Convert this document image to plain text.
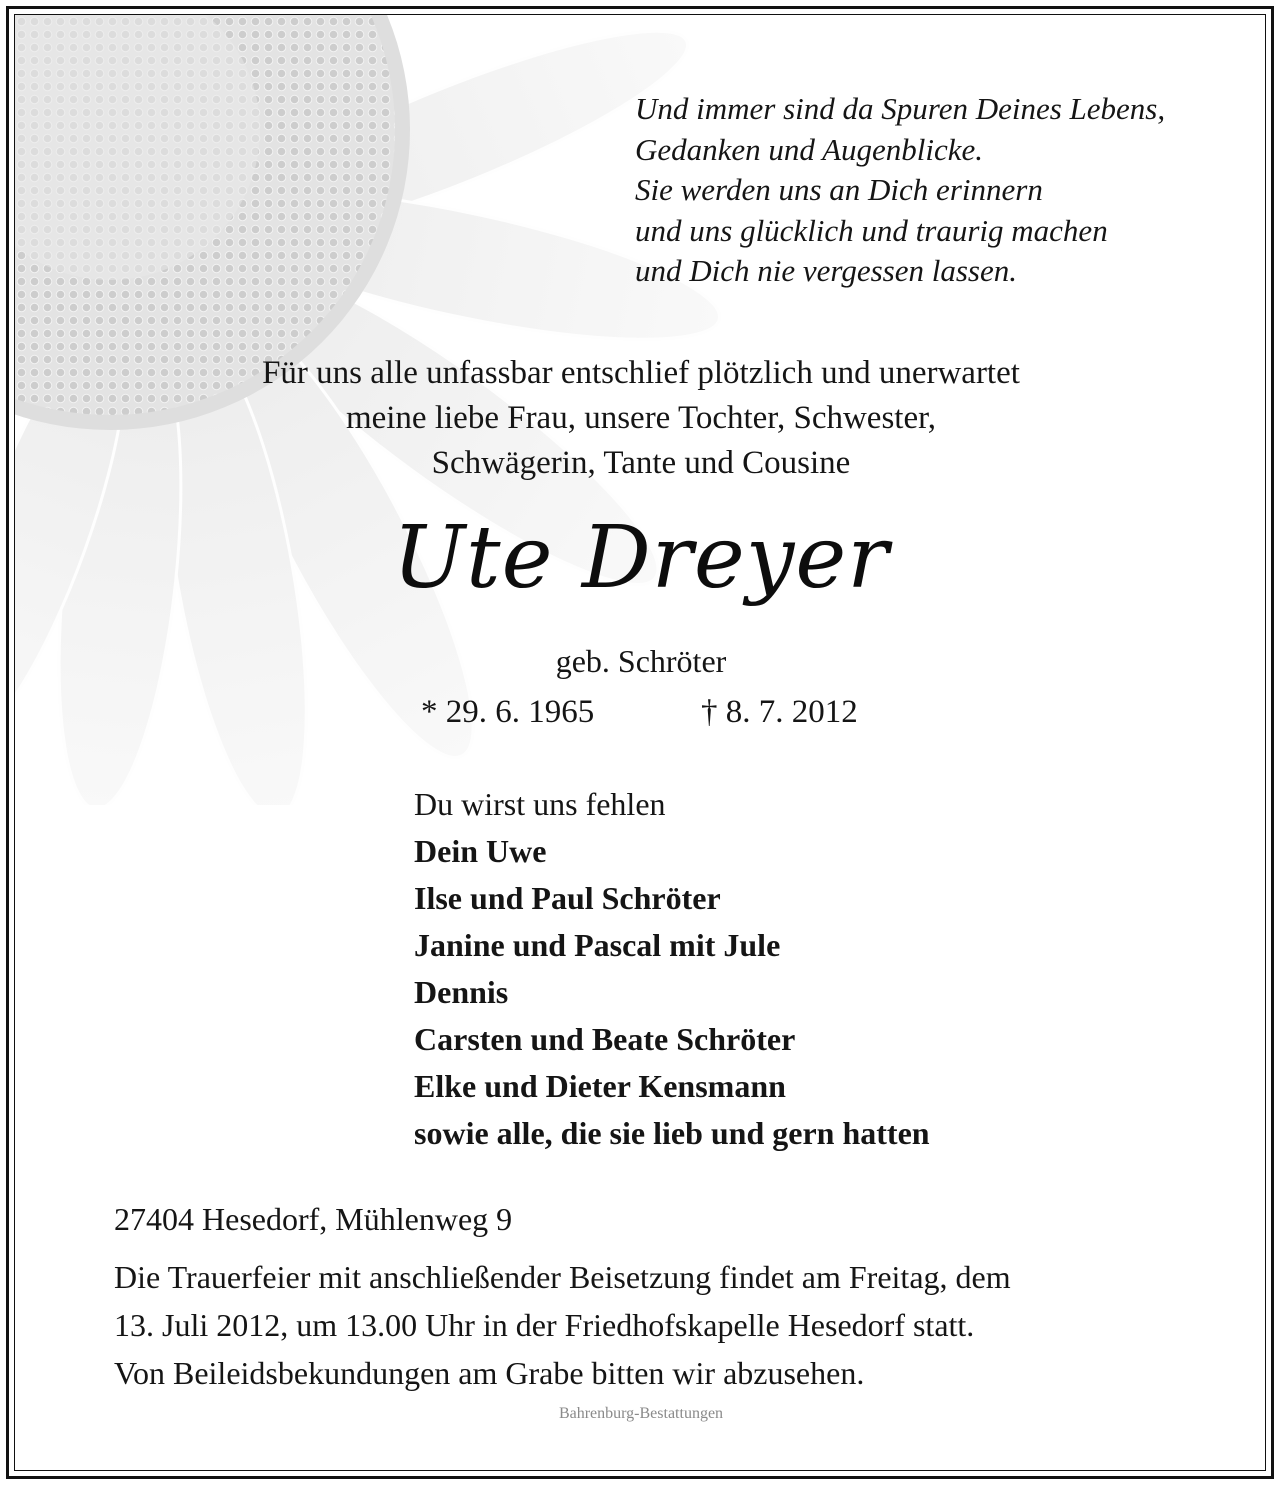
Und immer sind da Spuren Deines Lebens,
Gedanken und Augenblicke.
Sie werden uns an Dich erinnern
und uns glücklich und traurig machen
und Dich nie vergessen lassen.
Für uns alle unfassbar entschlief plötzlich und unerwartet
meine liebe Frau, unsere Tochter, Schwester,
Schwägerin, Tante und Cousine
Ute Dreyer
geb. Schröter
* 29. 6. 1965	† 8. 7. 2012
Du wirst uns fehlen
Dein Uwe
Ilse und Paul Schröter
Janine und Pascal mit Jule
Dennis
Carsten und Beate Schröter
Elke und Dieter Kensmann
sowie alle, die sie lieb und gern hatten
27404 Hesedorf, Mühlenweg 9
Die Trauerfeier mit anschließender Beisetzung findet am Freitag, dem
13. Juli 2012, um 13.00 Uhr in der Friedhofskapelle Hesedorf statt.
Von Beileidsbekundungen am Grabe bitten wir abzusehen.
Bahrenburg-Bestattungen
